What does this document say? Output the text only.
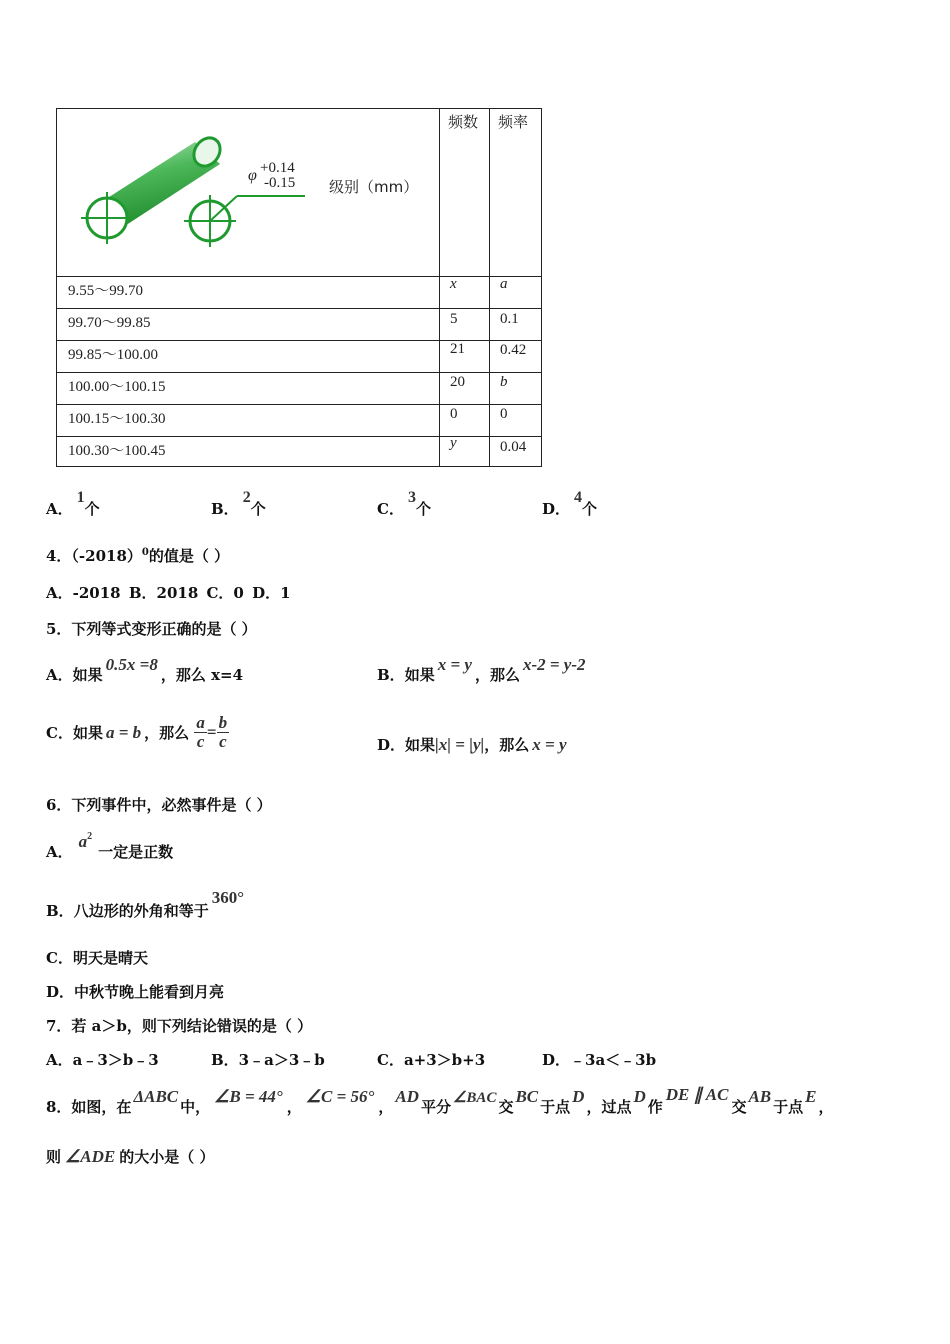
φ +0.14
-0.15 级别（mm）
频数 频率
9.55～99.70	x	a
99.70～99.85	5	0.1
99.85～100.00	21 0.42
100.00～100.15	20 b
100.15～100.30	0	0
100.30～100.45	y	0.04
A．1个	B．2个	C．3个	D．4个
4．$(-2018)^0$的值是（ ）
A．-2018 B．2018 C．0 D．1
5．下列等式变形正确的是（ ）
A．如果0.5x =8，那么 x=4	B．如果x = y，那么x-2 = y-2
C．如果 a = b ，那么 $\frac{a}{c} = \frac{b}{c}$	D．如果|x| = |y|，那么 x = y
6．下列事件中，必然事件是（ ）
A．$a^2$一定是正数
B．八边形的外角和等于360°
C．明天是晴天
D．中秋节晚上能看到月亮
7．若 a＞b，则下列结论错误的是（ ）
A．a﹣3＞b﹣3	B．3﹣a＞3﹣b	C．a+3＞b+3	D．﹣3a＜﹣3b
8．如图，在ΔABC中，∠B = 44°，∠C = 56°，AD平分 ∠BAC 交BC于点D，过点D作DE ∥ AC交AB于点E，
则 ∠ADE 的大小是（ ）
